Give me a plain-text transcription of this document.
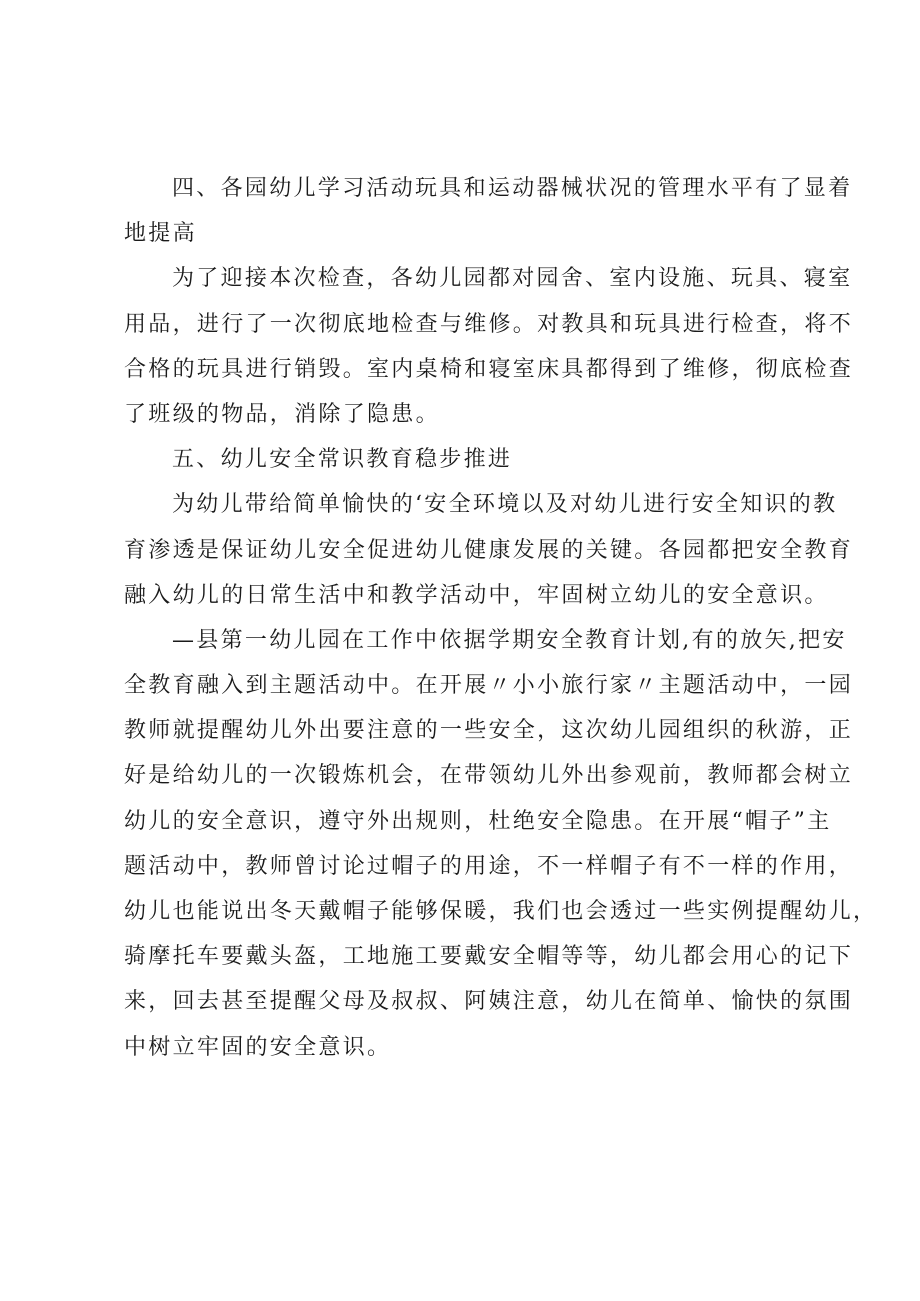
四、各园幼儿学习活动玩具和运动器械状况的管理水平有了显着
地提高
为了迎接本次检查，各幼儿园都对园舍、室内设施、玩具、寝室
用品，进行了一次彻底地检查与维修。对教具和玩具进行检查，将不
合格的玩具进行销毁。室内桌椅和寝室床具都得到了维修，彻底检查
了班级的物品，消除了隐患。
五、幼儿安全常识教育稳步推进
为幼儿带给简单愉快的‘安全环境以及对幼儿进行安全知识的教
育渗透是保证幼儿安全促进幼儿健康发展的关键。各园都把安全教育
融入幼儿的日常生活中和教学活动中，牢固树立幼儿的安全意识。
—县第一幼儿园在工作中依据学期安全教育计划,有的放矢,把安
全教育融入到主题活动中。在开展〃小小旅行家〃主题活动中，一园
教师就提醒幼儿外出要注意的一些安全，这次幼儿园组织的秋游，正
好是给幼儿的一次锻炼机会，在带领幼儿外出参观前，教师都会树立
幼儿的安全意识，遵守外出规则，杜绝安全隐患。在开展“帽子”主
题活动中，教师曾讨论过帽子的用途，不一样帽子有不一样的作用，
幼儿也能说出冬天戴帽子能够保暖，我们也会透过一些实例提醒幼儿，
骑摩托车要戴头盔，工地施工要戴安全帽等等，幼儿都会用心的记下
来，回去甚至提醒父母及叔叔、阿姨注意，幼儿在简单、愉快的氛围
中树立牢固的安全意识。
